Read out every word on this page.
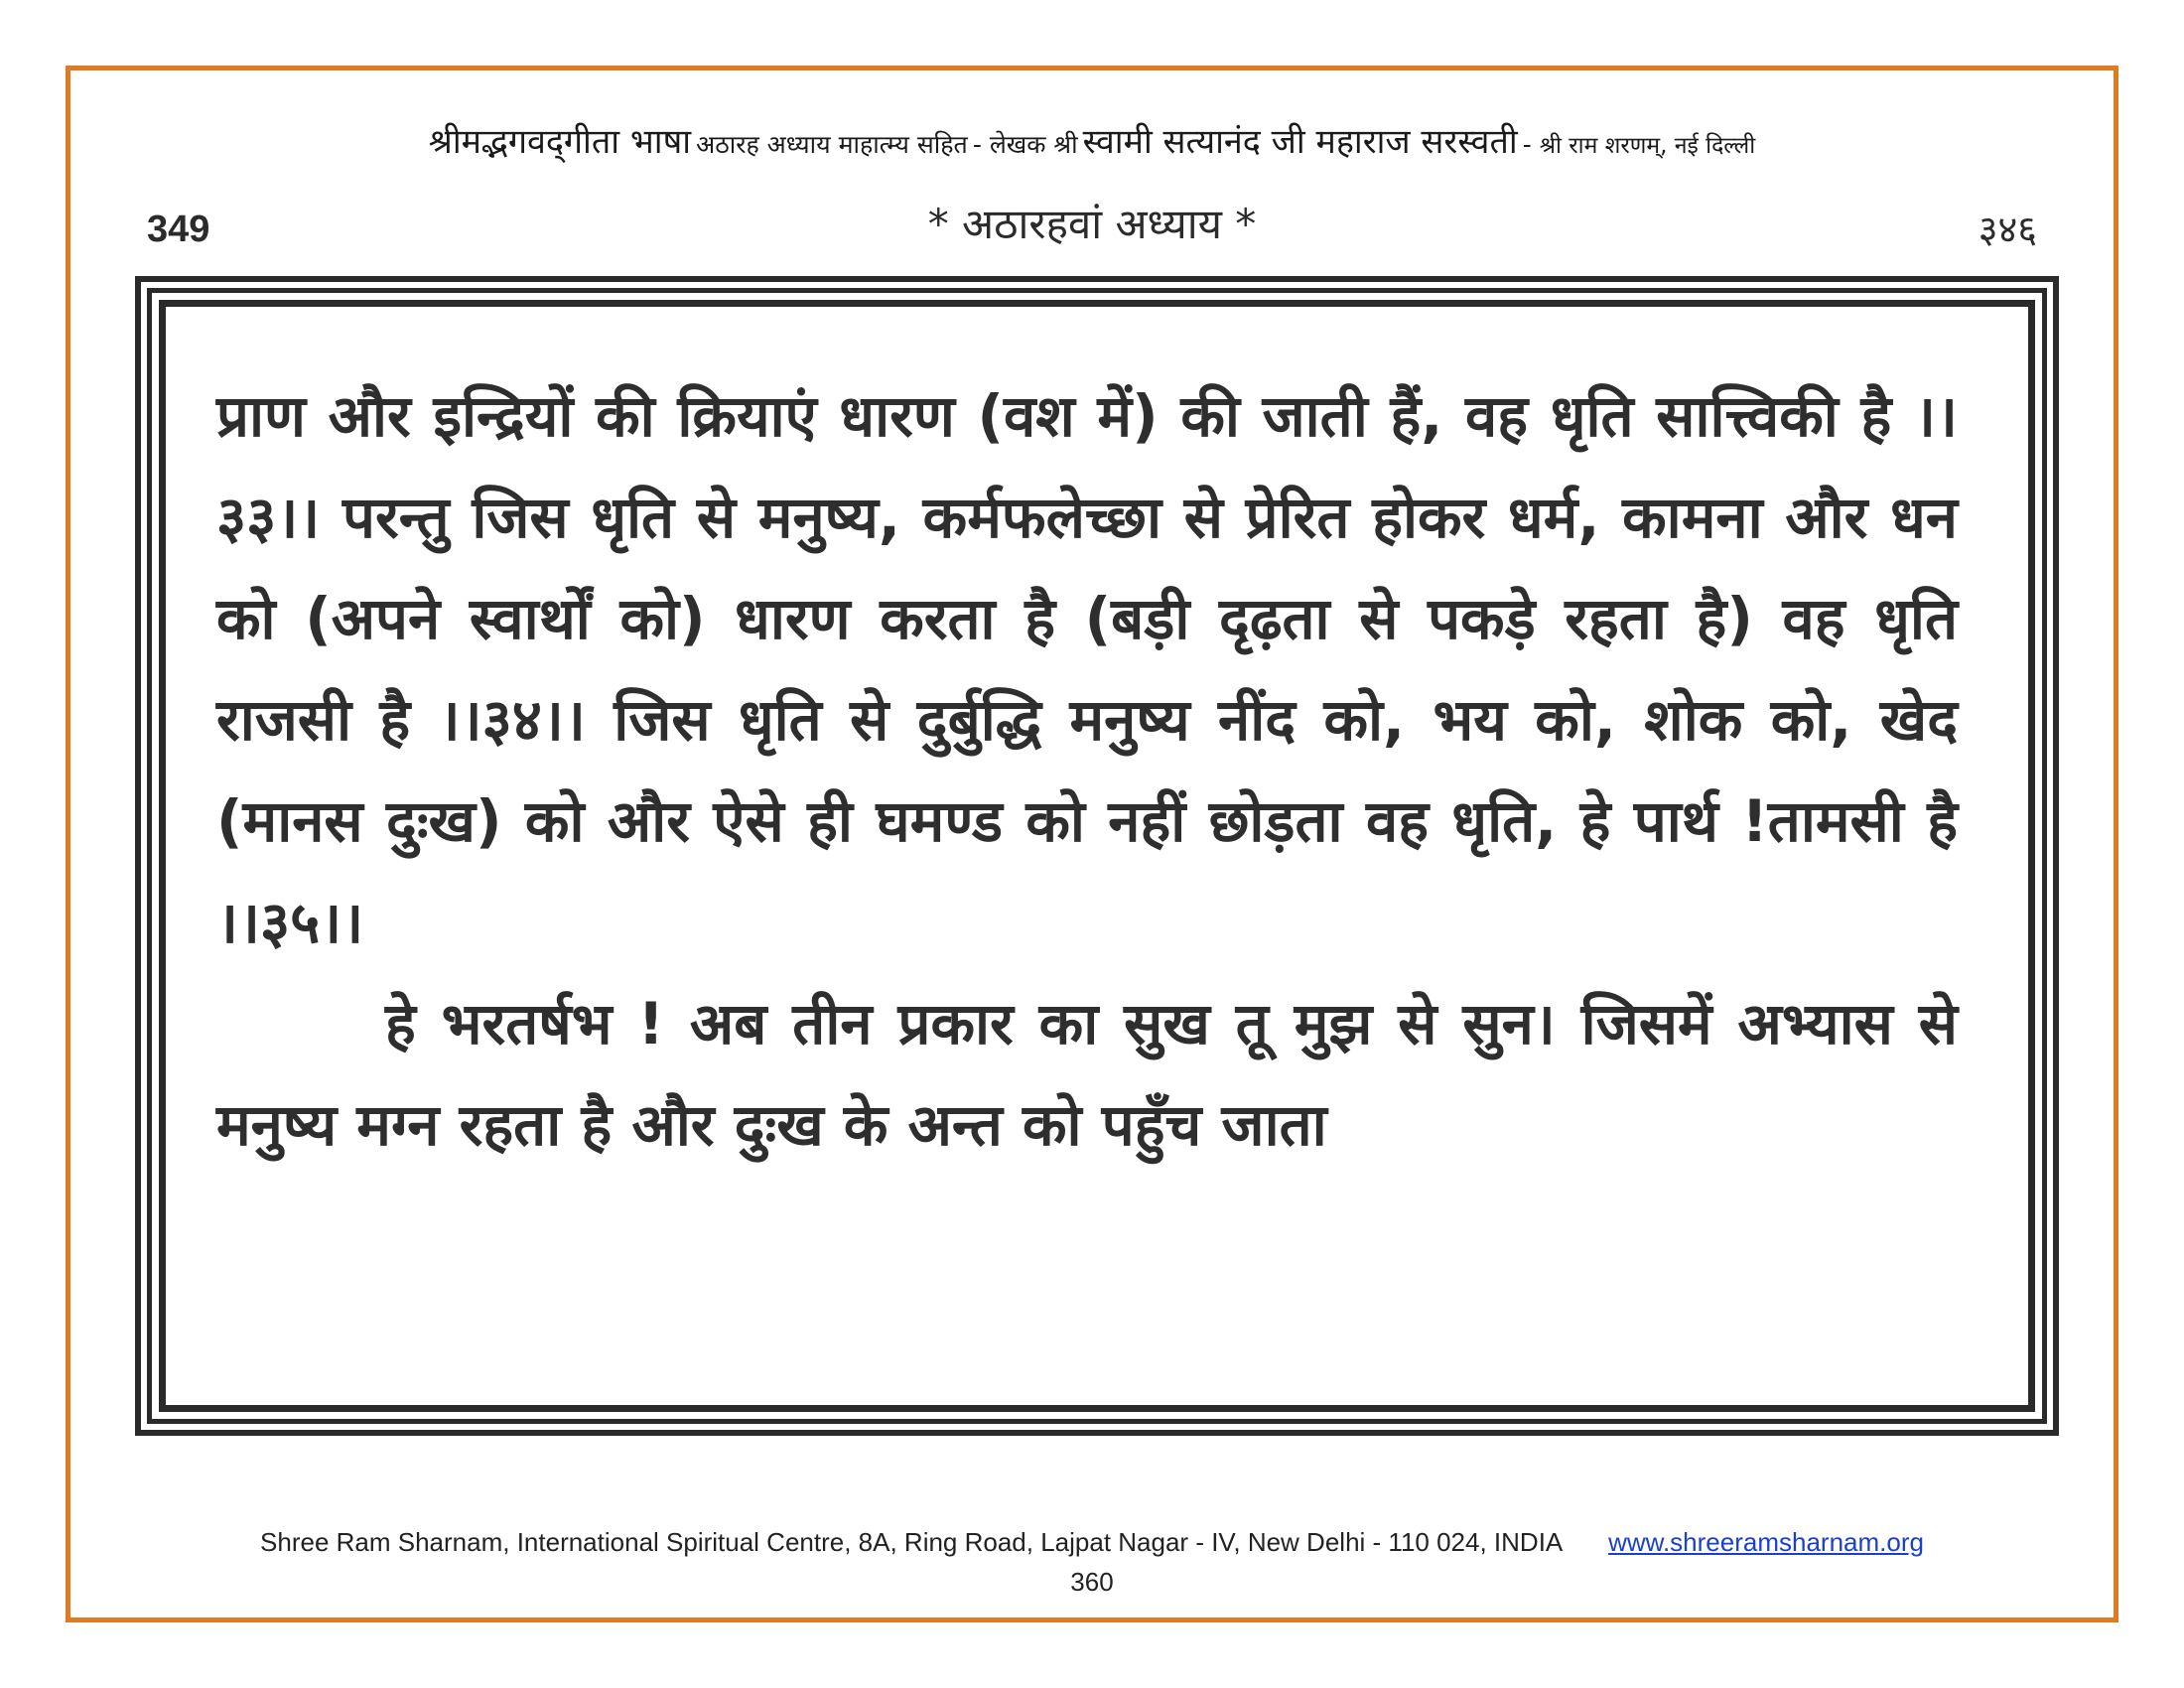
श्रीमद्भगवद्‌गीता भाषा अठारह अध्याय माहात्म्य सहित - लेखक श्री स्वामी सत्यानंद जी महाराज सरस्वती - श्री राम शरणम्, नई दिल्ली
349	* अठारहवां अध्याय *	३४६

प्राण और इन्द्रियों की क्रियाएं धारण (वश में) की जाती हैं, वह धृति सात्त्विकी है ।।३३।। परन्तु जिस धृति से मनुष्य, कर्मफलेच्छा से प्रेरित होकर धर्म, कामना और धन को (अपने स्वार्थों को) धारण करता है (बड़ी दृढ़ता से पकड़े रहता है) वह धृति राजसी है ।।३४।। जिस धृति से दुर्बुद्धि मनुष्य नींद को, भय को, शोक को, खेद (मानस दुःख) को और ऐसे ही घमण्ड को नहीं छोड़ता वह धृति, हे पार्थ !तामसी है ।।३५।।

हे भरतर्षभ ! अब तीन प्रकार का सुख तू मुझ से सुन। जिसमें अभ्यास से मनुष्य मग्न रहता है और दुःख के अन्त को पहुँच जाता

Shree Ram Sharnam, International Spiritual Centre, 8A, Ring Road, Lajpat Nagar - IV, New Delhi - 110 024, INDIA www.shreeramsharnam.org
360
